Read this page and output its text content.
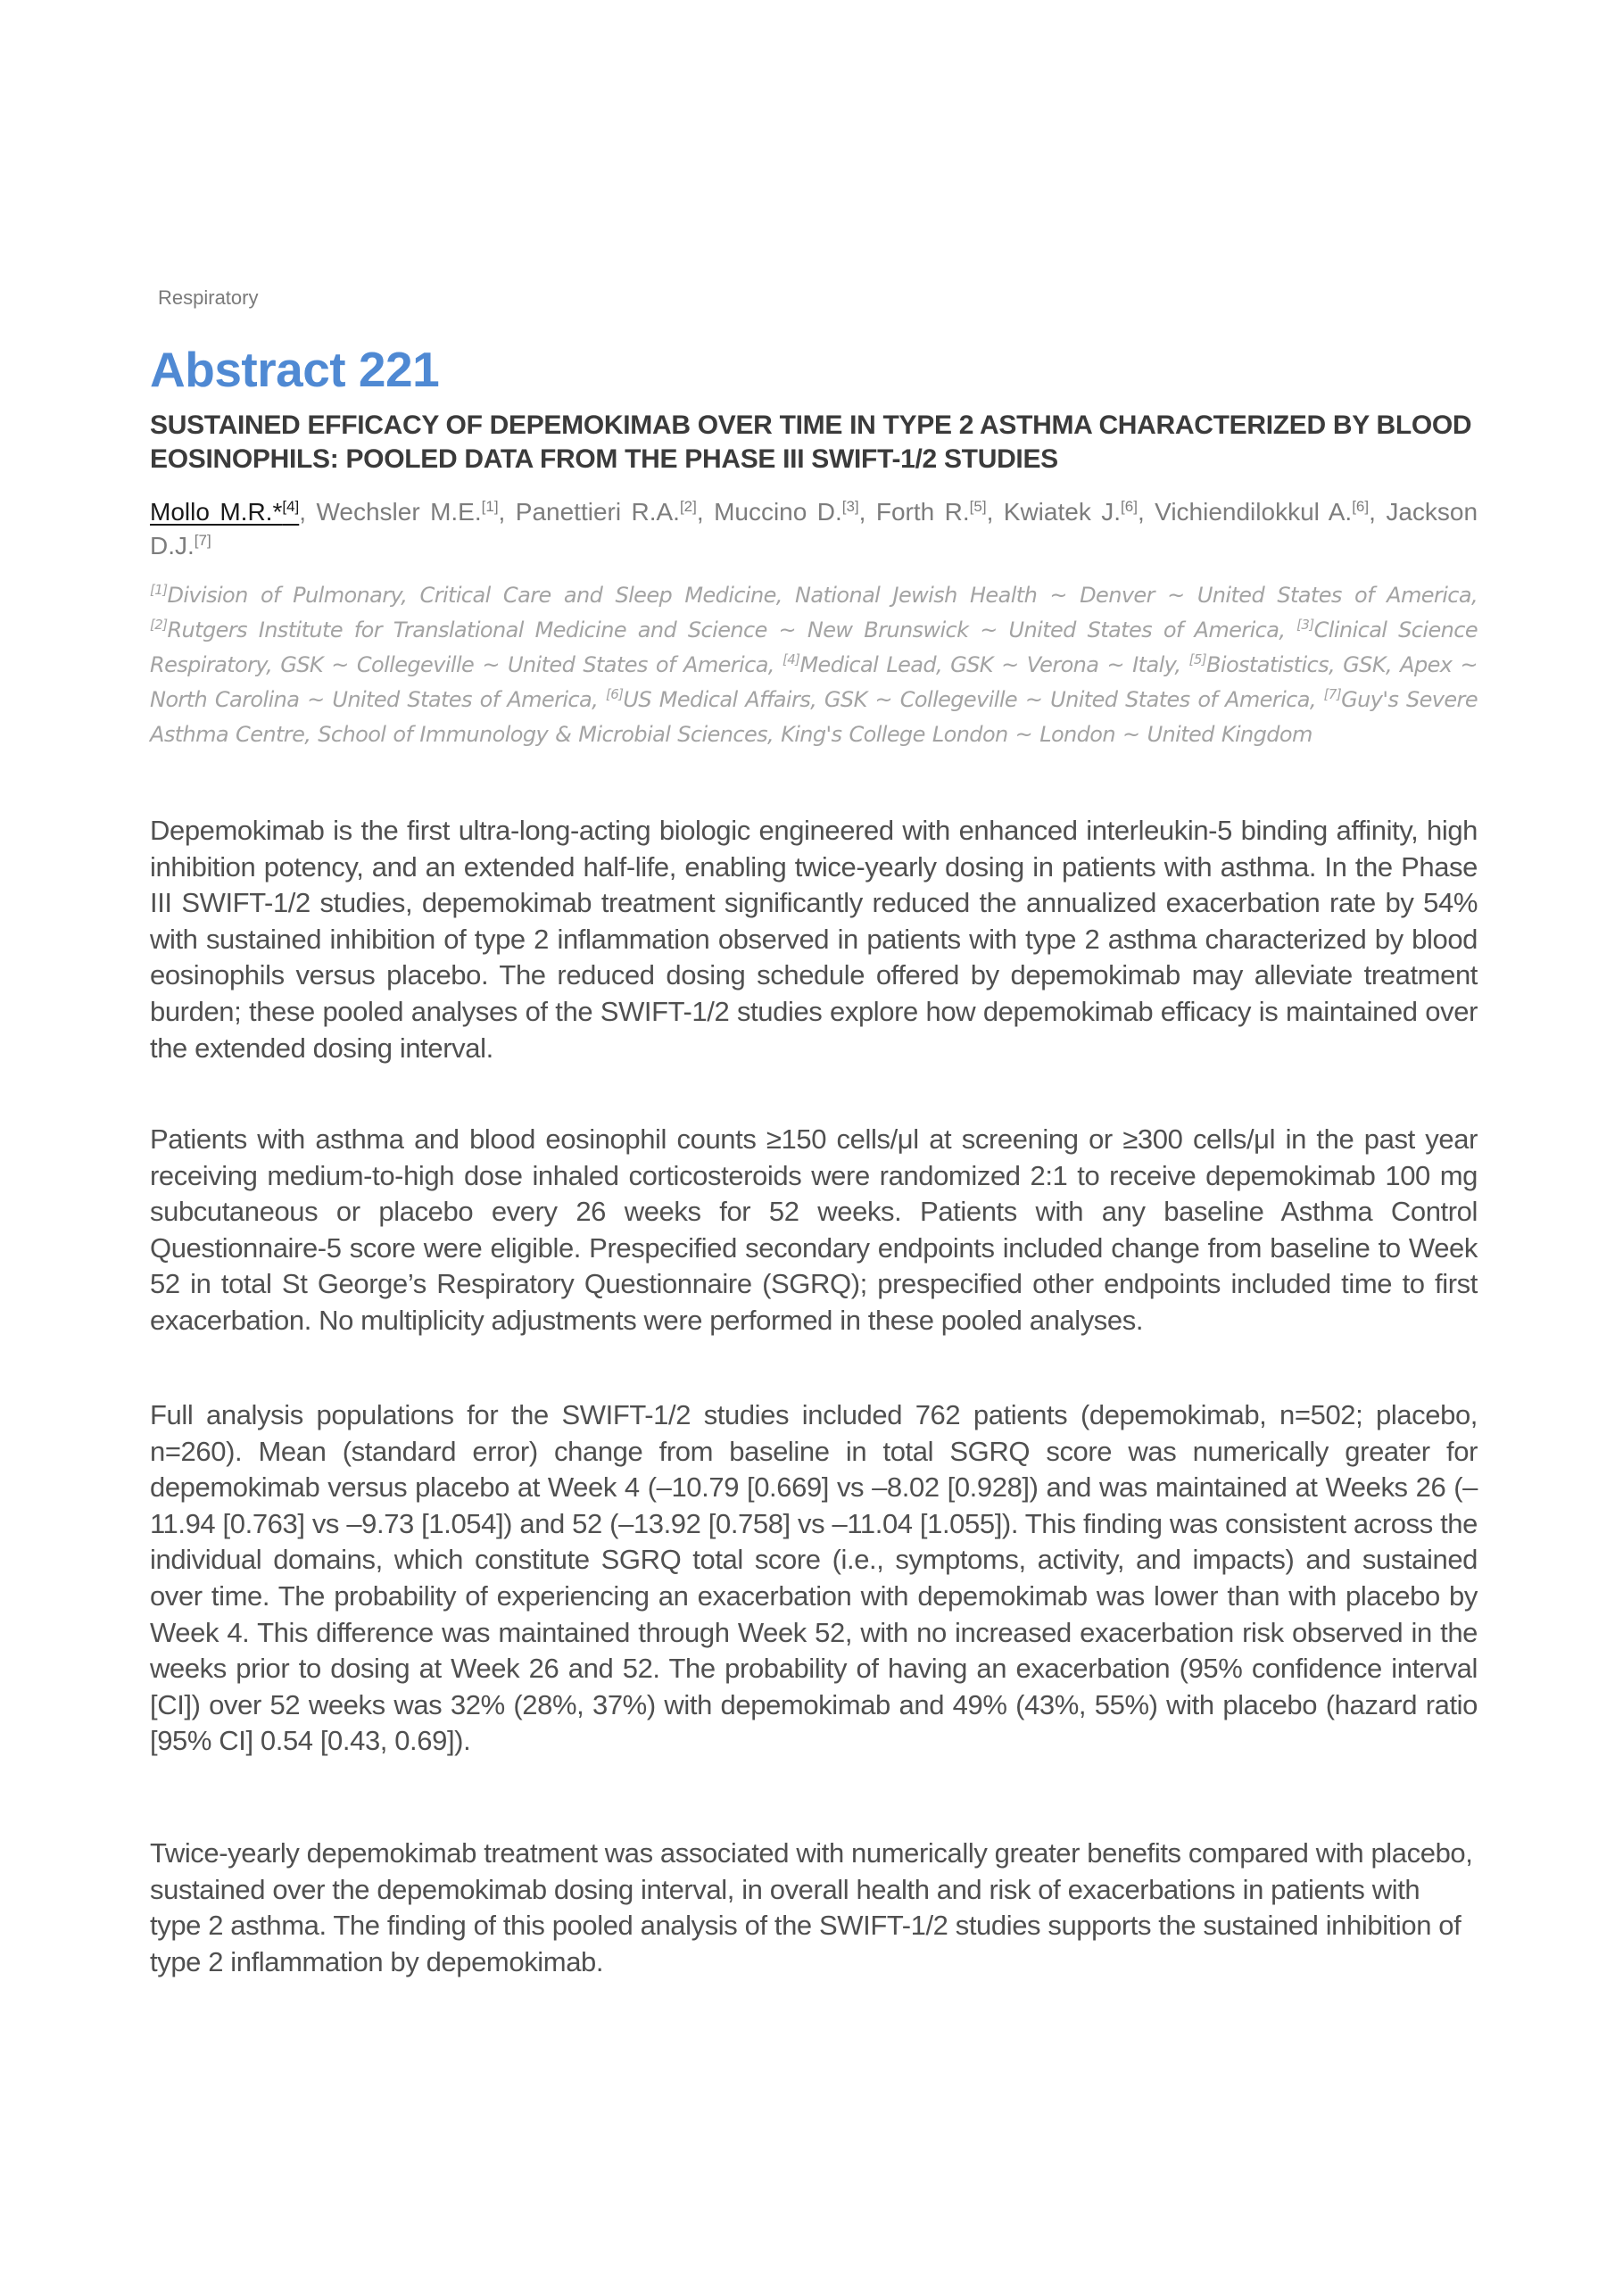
Respiratory
Abstract 221
SUSTAINED EFFICACY OF DEPEMOKIMAB OVER TIME IN TYPE 2 ASTHMA CHARACTERIZED BY BLOOD EOSINOPHILS: POOLED DATA FROM THE PHASE III SWIFT-1/2 STUDIES
Mollo M.R.*[4], Wechsler M.E.[1], Panettieri R.A.[2], Muccino D.[3], Forth R.[5], Kwiatek J.[6], Vichiendilokkul A.[6], Jackson D.J.[7]
[1]Division of Pulmonary, Critical Care and Sleep Medicine, National Jewish Health ~ Denver ~ United States of America, [2]Rutgers Institute for Translational Medicine and Science ~ New Brunswick ~ United States of America, [3]Clinical Science Respiratory, GSK ~ Collegeville ~ United States of America, [4]Medical Lead, GSK ~ Verona ~ Italy, [5]Biostatistics, GSK, Apex ~ North Carolina ~ United States of America, [6]US Medical Affairs, GSK ~ Collegeville ~ United States of America, [7]Guy's Severe Asthma Centre, School of Immunology & Microbial Sciences, King's College London ~ London ~ United Kingdom

Depemokimab is the first ultra-long-acting biologic engineered with enhanced interleukin-5 binding affinity, high inhibition potency, and an extended half-life, enabling twice-yearly dosing in patients with asthma. In the Phase III SWIFT-1/2 studies, depemokimab treatment significantly reduced the annualized exacerbation rate by 54% with sustained inhibition of type 2 inflammation observed in patients with type 2 asthma characterized by blood eosinophils versus placebo. The reduced dosing schedule offered by depemokimab may alleviate treatment burden; these pooled analyses of the SWIFT-1/2 studies explore how depemokimab efficacy is maintained over the extended dosing interval.

Patients with asthma and blood eosinophil counts ≥150 cells/μl at screening or ≥300 cells/μl in the past year receiving medium-to-high dose inhaled corticosteroids were randomized 2:1 to receive depemokimab 100 mg subcutaneous or placebo every 26 weeks for 52 weeks. Patients with any baseline Asthma Control Questionnaire-5 score were eligible. Prespecified secondary endpoints included change from baseline to Week 52 in total St George’s Respiratory Questionnaire (SGRQ); prespecified other endpoints included time to first exacerbation. No multiplicity adjustments were performed in these pooled analyses.

Full analysis populations for the SWIFT-1/2 studies included 762 patients (depemokimab, n=502; placebo, n=260). Mean (standard error) change from baseline in total SGRQ score was numerically greater for depemokimab versus placebo at Week 4 (–10.79 [0.669] vs –8.02 [0.928]) and was maintained at Weeks 26 (–11.94 [0.763] vs –9.73 [1.054]) and 52 (–13.92 [0.758] vs –11.04 [1.055]). This finding was consistent across the individual domains, which constitute SGRQ total score (i.e., symptoms, activity, and impacts) and sustained over time. The probability of experiencing an exacerbation with depemokimab was lower than with placebo by Week 4. This difference was maintained through Week 52, with no increased exacerbation risk observed in the weeks prior to dosing at Week 26 and 52. The probability of having an exacerbation (95% confidence interval [CI]) over 52 weeks was 32% (28%, 37%) with depemokimab and 49% (43%, 55%) with placebo (hazard ratio [95% CI] 0.54 [0.43, 0.69]).

Twice-yearly depemokimab treatment was associated with numerically greater benefits compared with placebo, sustained over the depemokimab dosing interval, in overall health and risk of exacerbations in patients with type 2 asthma. The finding of this pooled analysis of the SWIFT-1/2 studies supports the sustained inhibition of type 2 inflammation by depemokimab.
